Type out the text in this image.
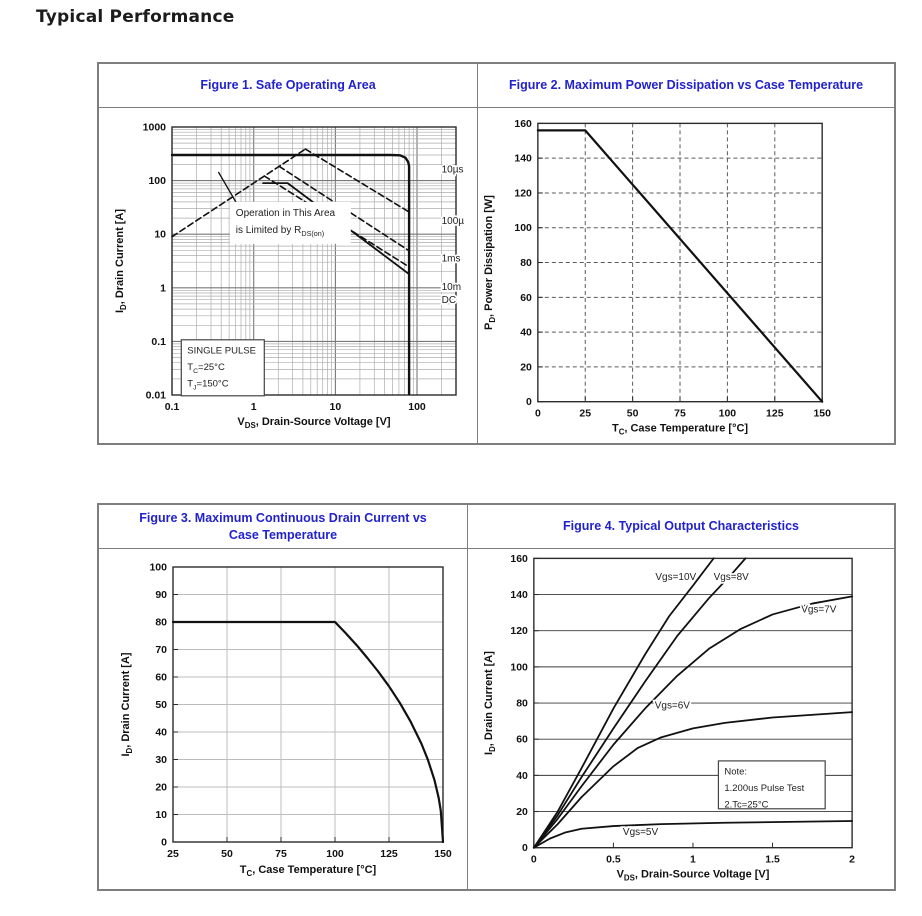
Typical Performance
Figure 1. Safe Operating Area
0.1	1	10	100
1000
100
10
1
0.1
0.01
$V_{DS}$, Drain-Source Voltage [V]
$I_D$, Drain Current [A]
10µs
100µ
1ms
10m
DC
Operation in This Area
is Limited by $R_{DS(on)}$
SINGLE PULSE
$T_C=25^\circ C$
$T_J=150^\circ C$
Figure 2. Maximum Power Dissipation vs Case Temperature
0	25	50	75	100	125	150
0
20
40
60
80
100
120
140
160
$T_C$, Case Temperature [°C]
$P_D$, Power Dissipation [W]
Figure 3. Maximum Continuous Drain Current vs Case Temperature
25	50	75	100	125	150
0
10
20
30
40
50
60
70
80
90
100
$T_C$, Case Temperature [°C]
$I_D$, Drain Current [A]
Figure 4. Typical Output Characteristics
0	0.5	1	1.5	2
0
20
40
60
80
100
120
140
160
$V_{DS}$, Drain-Source Voltage [V]
$I_D$, Drain Current [A]
Vgs=10V Vgs=8V
Vgs=7V
Vgs=6V
Vgs=5V
Note:
1.200us Pulse Test
2.Tc=25°C
